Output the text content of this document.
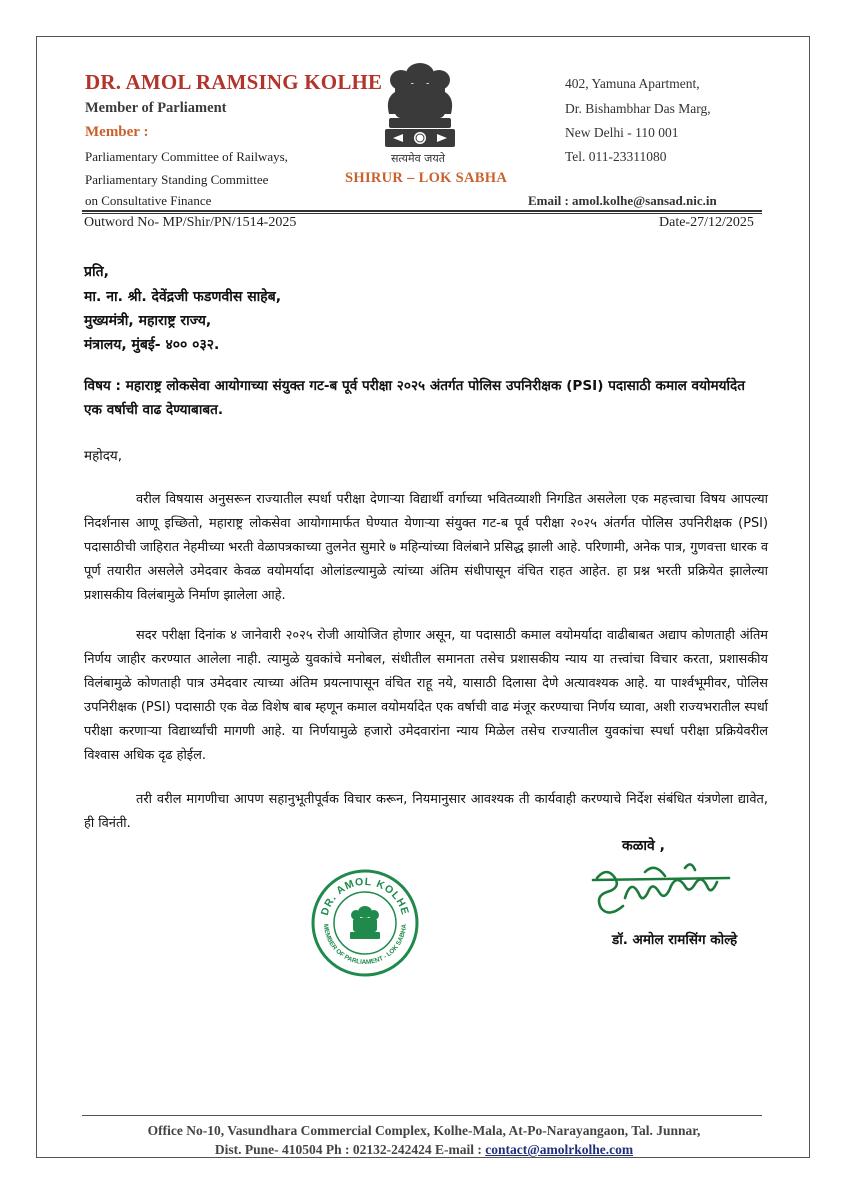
DR. AMOL RAMSING KOLHE
Member of Parliament
Member :
Parliamentary Committee of Railways,
Parliamentary Standing Committee
on Consultative Finance
सत्यमेव जयते
SHIRUR – LOK SABHA
402, Yamuna Apartment,
Dr. Bishambhar Das Marg,
New Delhi - 110 001
Tel. 011-23311080
Email : amol.kolhe@sansad.nic.in
Outword No- MP/Shir/PN/1514-2025	Date-27/12/2025
प्रति,
मा. ना. श्री. देवेंद्रजी फडणवीस साहेब,
मुख्यमंत्री, महाराष्ट्र राज्य,
मंत्रालय, मुंबई- ४०० ०३२.
विषय : महाराष्ट्र लोकसेवा आयोगाच्या संयुक्त गट-ब पूर्व परीक्षा २०२५ अंतर्गत पोलिस उपनिरीक्षक (PSI) पदासाठी कमाल वयोमर्यादेत एक वर्षाची वाढ देण्याबाबत.
महोदय,

वरील विषयास अनुसरून राज्यातील स्पर्धा परीक्षा देणाऱ्या विद्यार्थी वर्गाच्या भवितव्याशी निगडित असलेला एक महत्त्वाचा विषय आपल्या निदर्शनास आणू इच्छितो, महाराष्ट्र लोकसेवा आयोगामार्फत घेण्यात येणाऱ्या संयुक्त गट-ब पूर्व परीक्षा २०२५ अंतर्गत पोलिस उपनिरीक्षक (PSI) पदासाठीची जाहिरात नेहमीच्या भरती वेळापत्रकाच्या तुलनेत सुमारे ७ महिन्यांच्या विलंबाने प्रसिद्ध झाली आहे. परिणामी, अनेक पात्र, गुणवत्ता धारक व पूर्ण तयारीत असलेले उमेदवार केवळ वयोमर्यादा ओलांडल्यामुळे त्यांच्या अंतिम संधीपासून वंचित राहत आहेत. हा प्रश्न भरती प्रक्रियेत झालेल्या प्रशासकीय विलंबामुळे निर्माण झालेला आहे.

सदर परीक्षा दिनांक ४ जानेवारी २०२५ रोजी आयोजित होणार असून, या पदासाठी कमाल वयोमर्यादा वाढीबाबत अद्याप कोणताही अंतिम निर्णय जाहीर करण्यात आलेला नाही. त्यामुळे युवकांचे मनोबल, संधीतील समानता तसेच प्रशासकीय न्याय या तत्त्वांचा विचार करता, प्रशासकीय विलंबामुळे कोणताही पात्र उमेदवार त्याच्या अंतिम प्रयत्नापासून वंचित राहू नये, यासाठी दिलासा देणे अत्यावश्यक आहे. या पार्श्वभूमीवर, पोलिस उपनिरीक्षक (PSI) पदासाठी एक वेळ विशेष बाब म्हणून कमाल वयोमर्यादेत एक वर्षाची वाढ मंजूर करण्याचा निर्णय घ्यावा, अशी राज्यभरातील स्पर्धा परीक्षा करणाऱ्या विद्यार्थ्यांची मागणी आहे. या निर्णयामुळे हजारो उमेदवारांना न्याय मिळेल तसेच राज्यातील युवकांचा स्पर्धा परीक्षा प्रक्रियेवरील विश्वास अधिक दृढ होईल.

तरी वरील मागणीचा आपण सहानुभूतीपूर्वक विचार करून, नियमानुसार आवश्यक ती कार्यवाही करण्याचे निर्देश संबंधित यंत्रणेला द्यावेत, ही विनंती.

कळावे ,
डॉ. अमोल रामसिंग कोल्हे
DR. AMOL KOLHE
MEMBER OF PARLIAMENT - LOK SABHA
Office No-10, Vasundhara Commercial Complex, Kolhe-Mala, At-Po-Narayangaon, Tal. Junnar,
Dist. Pune- 410504 Ph : 02132-242424 E-mail : contact@amolrkolhe.com
